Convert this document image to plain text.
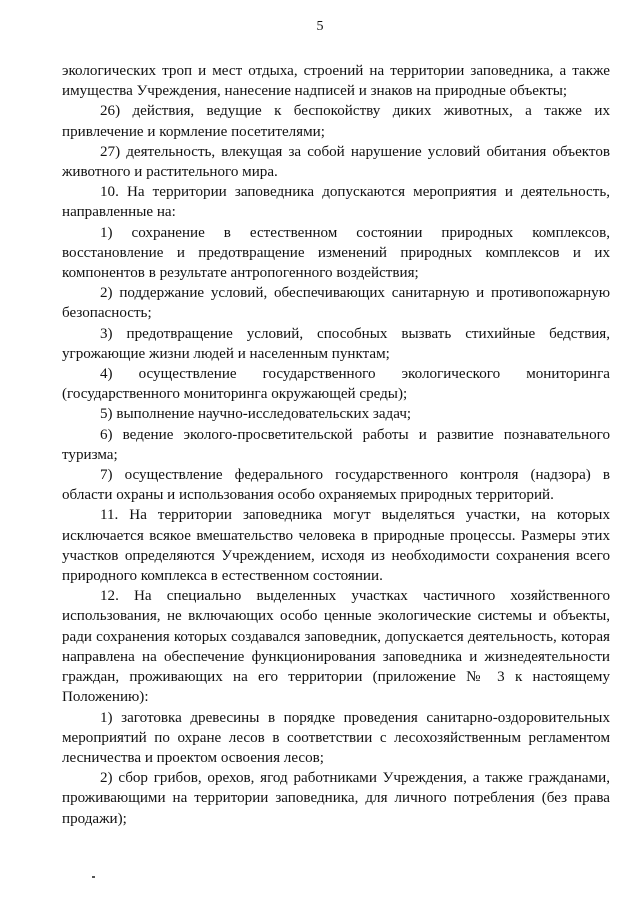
5

экологических троп и мест отдыха, строений на территории заповедника, а также имущества Учреждения, нанесение надписей и знаков на природные объекты;

26) действия, ведущие к беспокойству диких животных, а также их привлечение и кормление посетителями;

27) деятельность, влекущая за собой нарушение условий обитания объектов животного и растительного мира.

10. На территории заповедника допускаются мероприятия и деятельность, направленные на:

1) сохранение в естественном состоянии природных комплексов, восстановление и предотвращение изменений природных комплексов и их компонентов в результате антропогенного воздействия;

2) поддержание условий, обеспечивающих санитарную и противопожарную безопасность;

3) предотвращение условий, способных вызвать стихийные бедствия, угрожающие жизни людей и населенным пунктам;

4) осуществление государственного экологического мониторинга (государственного мониторинга окружающей среды);

5) выполнение научно-исследовательских задач;

6) ведение эколого-просветительской работы и развитие познавательного туризма;

7) осуществление федерального государственного контроля (надзора) в области охраны и использования особо охраняемых природных территорий.

11. На территории заповедника могут выделяться участки, на которых исключается всякое вмешательство человека в природные процессы. Размеры этих участков определяются Учреждением, исходя из необходимости сохранения всего природного комплекса в естественном состоянии.

12. На специально выделенных участках частичного хозяйственного использования, не включающих особо ценные экологические системы и объекты, ради сохранения которых создавался заповедник, допускается деятельность, которая направлена на обеспечение функционирования заповедника и жизнедеятельности граждан, проживающих на его территории (приложение № 3 к настоящему Положению):

1) заготовка древесины в порядке проведения санитарно-оздоровительных мероприятий по охране лесов в соответствии с лесохозяйственным регламентом лесничества и проектом освоения лесов;

2) сбор грибов, орехов, ягод работниками Учреждения, а также гражданами, проживающими на территории заповедника, для личного потребления (без права продажи);
